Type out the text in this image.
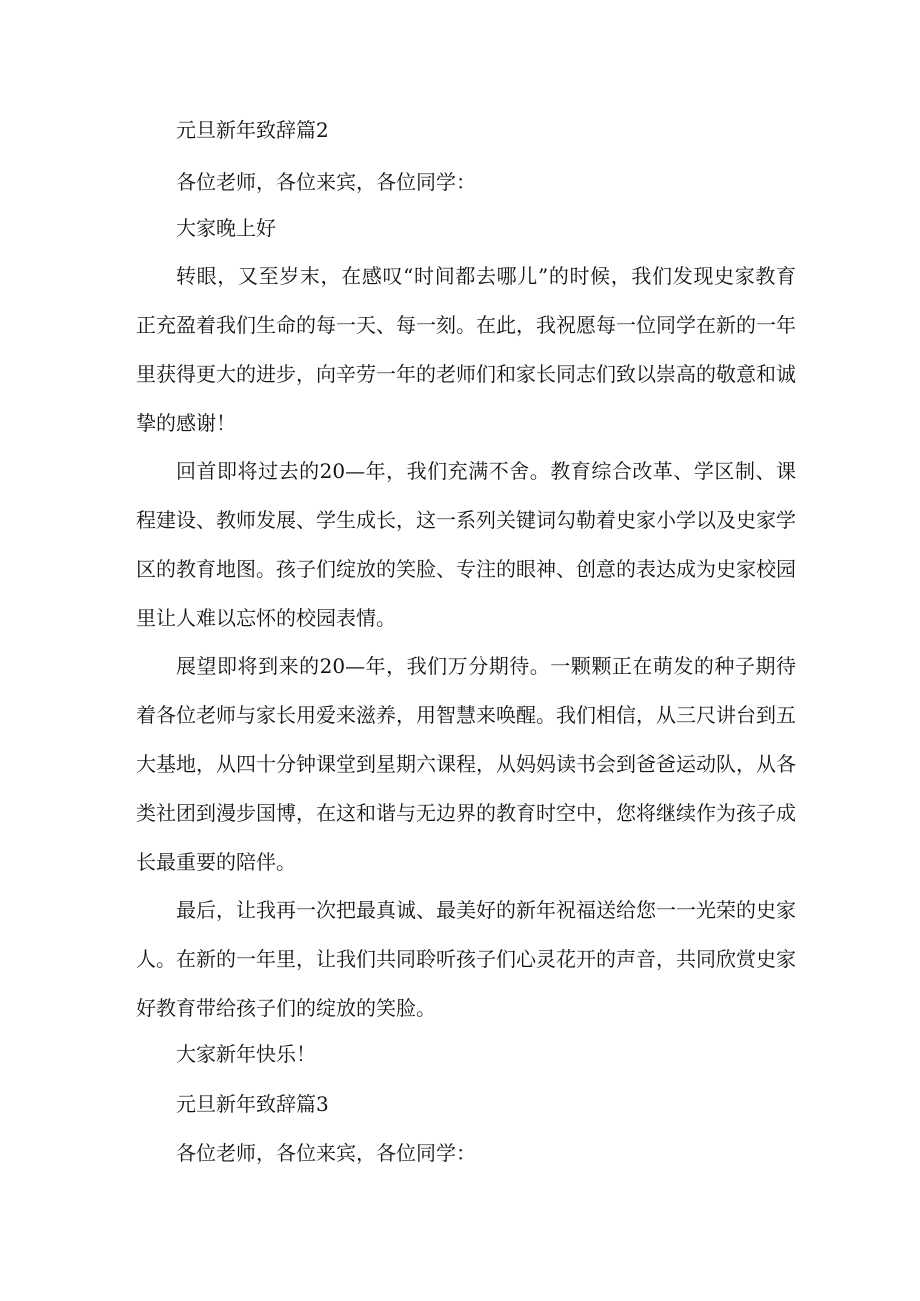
元旦新年致辞篇2
各位老师，各位来宾，各位同学：
大家晚上好

转眼，又至岁末，在感叹“时间都去哪儿”的时候，我们发现史家教育正充盈着我们生命的每一天、每一刻。在此，我祝愿每一位同学在新的一年里获得更大的进步，向辛劳一年的老师们和家长同志们致以崇高的敬意和诚挚的感谢！

回首即将过去的20—年，我们充满不舍。教育综合改革、学区制、课程建设、教师发展、学生成长，这一系列关键词勾勒着史家小学以及史家学区的教育地图。孩子们绽放的笑脸、专注的眼神、创意的表达成为史家校园里让人难以忘怀的校园表情。

展望即将到来的20—年，我们万分期待。一颗颗正在萌发的种子期待着各位老师与家长用爱来滋养，用智慧来唤醒。我们相信，从三尺讲台到五大基地，从四十分钟课堂到星期六课程，从妈妈读书会到爸爸运动队，从各类社团到漫步国博，在这和谐与无边界的教育时空中，您将继续作为孩子成长最重要的陪伴。

最后，让我再一次把最真诚、最美好的新年祝福送给您一一光荣的史家人。在新的一年里，让我们共同聆听孩子们心灵花开的声音，共同欣赏史家好教育带给孩子们的绽放的笑脸。

大家新年快乐！
元旦新年致辞篇3
各位老师，各位来宾，各位同学：
